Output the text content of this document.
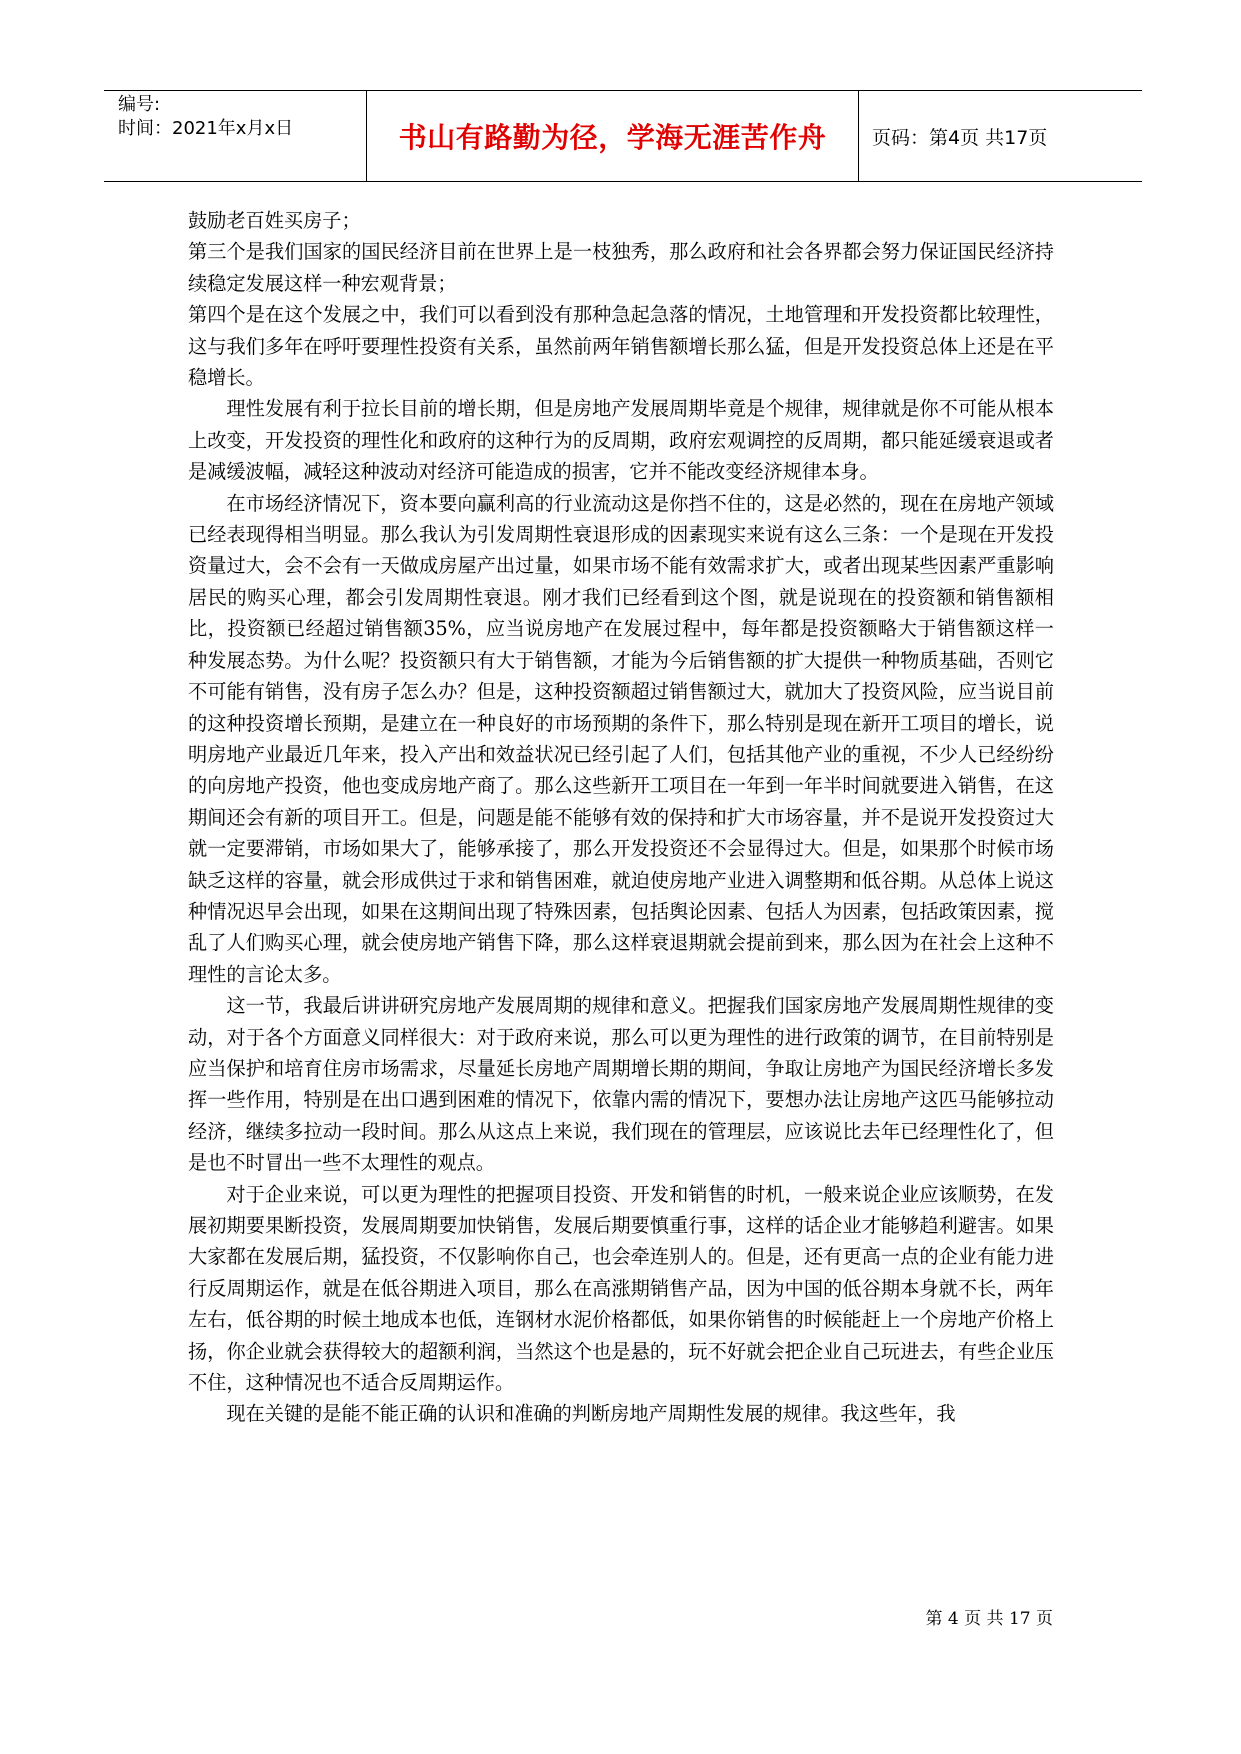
编号:
时间：2021年x月x日	书山有路勤为径，学海无涯苦作舟	页码：第4页 共17页

鼓励老百姓买房子；

第三个是我们国家的国民经济目前在世界上是一枝独秀，那么政府和社会各界都会努力保证国民经济持续稳定发展这样一种宏观背景；

第四个是在这个发展之中，我们可以看到没有那种急起急落的情况，土地管理和开发投资都比较理性，这与我们多年在呼吁要理性投资有关系，虽然前两年销售额增长那么猛，但是开发投资总体上还是在平稳增长。

理性发展有利于拉长目前的增长期，但是房地产发展周期毕竟是个规律，规律就是你不可能从根本上改变，开发投资的理性化和政府的这种行为的反周期，政府宏观调控的反周期，都只能延缓衰退或者是减缓波幅，减轻这种波动对经济可能造成的损害，它并不能改变经济规律本身。

在市场经济情况下，资本要向赢利高的行业流动这是你挡不住的，这是必然的，现在在房地产领域已经表现得相当明显。那么我认为引发周期性衰退形成的因素现实来说有这么三条：一个是现在开发投资量过大，会不会有一天做成房屋产出过量，如果市场不能有效需求扩大，或者出现某些因素严重影响居民的购买心理，都会引发周期性衰退。刚才我们已经看到这个图，就是说现在的投资额和销售额相比，投资额已经超过销售额35%，应当说房地产在发展过程中，每年都是投资额略大于销售额这样一种发展态势。为什么呢？投资额只有大于销售额，才能为今后销售额的扩大提供一种物质基础，否则它不可能有销售，没有房子怎么办？但是，这种投资额超过销售额过大，就加大了投资风险，应当说目前的这种投资增长预期，是建立在一种良好的市场预期的条件下，那么特别是现在新开工项目的增长，说明房地产业最近几年来，投入产出和效益状况已经引起了人们，包括其他产业的重视，不少人已经纷纷的向房地产投资，他也变成房地产商了。那么这些新开工项目在一年到一年半时间就要进入销售，在这期间还会有新的项目开工。但是，问题是能不能够有效的保持和扩大市场容量，并不是说开发投资过大就一定要滞销，市场如果大了，能够承接了，那么开发投资还不会显得过大。但是，如果那个时候市场缺乏这样的容量，就会形成供过于求和销售困难，就迫使房地产业进入调整期和低谷期。从总体上说这种情况迟早会出现，如果在这期间出现了特殊因素，包括舆论因素、包括人为因素，包括政策因素，搅乱了人们购买心理，就会使房地产销售下降，那么这样衰退期就会提前到来，那么因为在社会上这种不理性的言论太多。

这一节，我最后讲讲研究房地产发展周期的规律和意义。把握我们国家房地产发展周期性规律的变动，对于各个方面意义同样很大：对于政府来说，那么可以更为理性的进行政策的调节，在目前特别是应当保护和培育住房市场需求，尽量延长房地产周期增长期的期间，争取让房地产为国民经济增长多发挥一些作用，特别是在出口遇到困难的情况下，依靠内需的情况下，要想办法让房地产这匹马能够拉动经济，继续多拉动一段时间。那么从这点上来说，我们现在的管理层，应该说比去年已经理性化了，但是也不时冒出一些不太理性的观点。

对于企业来说，可以更为理性的把握项目投资、开发和销售的时机，一般来说企业应该顺势，在发展初期要果断投资，发展周期要加快销售，发展后期要慎重行事，这样的话企业才能够趋利避害。如果大家都在发展后期，猛投资，不仅影响你自己，也会牵连别人的。但是，还有更高一点的企业有能力进行反周期运作，就是在低谷期进入项目，那么在高涨期销售产品，因为中国的低谷期本身就不长，两年左右，低谷期的时候土地成本也低，连钢材水泥价格都低，如果你销售的时候能赶上一个房地产价格上扬，你企业就会获得较大的超额利润，当然这个也是悬的，玩不好就会把企业自己玩进去，有些企业压不住，这种情况也不适合反周期运作。

现在关键的是能不能正确的认识和准确的判断房地产周期性发展的规律。我这些年，我

第 4 页 共 17 页
